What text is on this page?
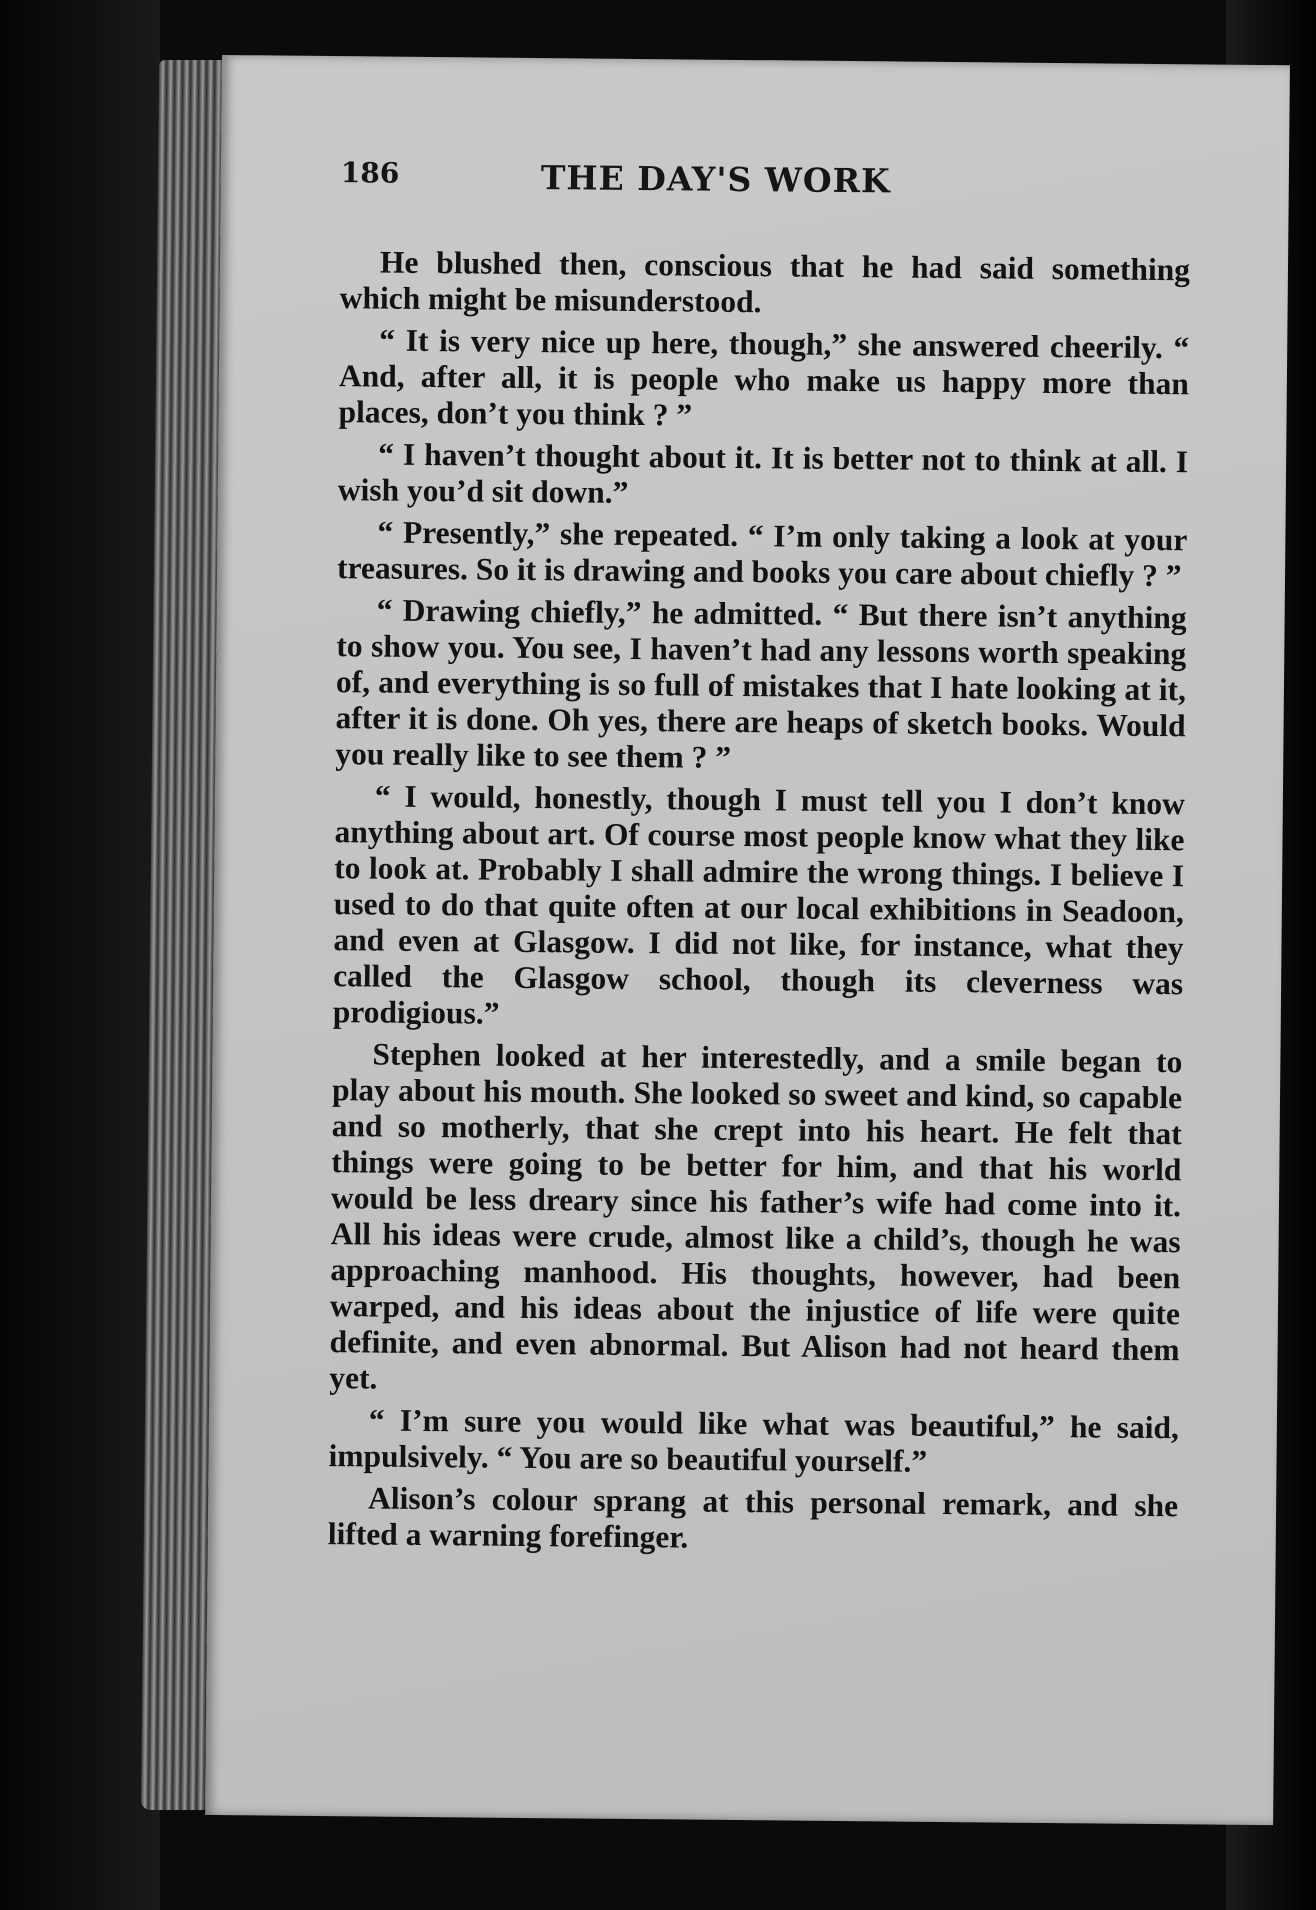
186	THE DAY'S WORK

He blushed then, conscious that he had said something which might be misunderstood.

“ It is very nice up here, though,” she answered cheerily. “ And, after all, it is people who make us happy more than places, don’t you think ? ”

“ I haven’t thought about it. It is better not to think at all. I wish you’d sit down.”

“ Presently,” she repeated. “ I’m only taking a look at your treasures. So it is drawing and books you care about chiefly ? ”

“ Drawing chiefly,” he admitted. “ But there isn’t anything to show you. You see, I haven’t had any lessons worth speaking of, and everything is so full of mistakes that I hate looking at it, after it is done. Oh yes, there are heaps of sketch books. Would you really like to see them ? ”

“ I would, honestly, though I must tell you I don’t know anything about art. Of course most people know what they like to look at. Probably I shall admire the wrong things. I believe I used to do that quite often at our local exhibitions in Seadoon, and even at Glasgow. I did not like, for instance, what they called the Glasgow school, though its cleverness was prodigious.”

Stephen looked at her interestedly, and a smile began to play about his mouth. She looked so sweet and kind, so capable and so motherly, that she crept into his heart. He felt that things were going to be better for him, and that his world would be less dreary since his father’s wife had come into it. All his ideas were crude, almost like a child’s, though he was approaching manhood. His thoughts, however, had been warped, and his ideas about the injustice of life were quite definite, and even abnormal. But Alison had not heard them yet.

“ I’m sure you would like what was beautiful,” he said, impulsively. “ You are so beautiful yourself.”

Alison’s colour sprang at this personal remark, and she lifted a warning forefinger.
